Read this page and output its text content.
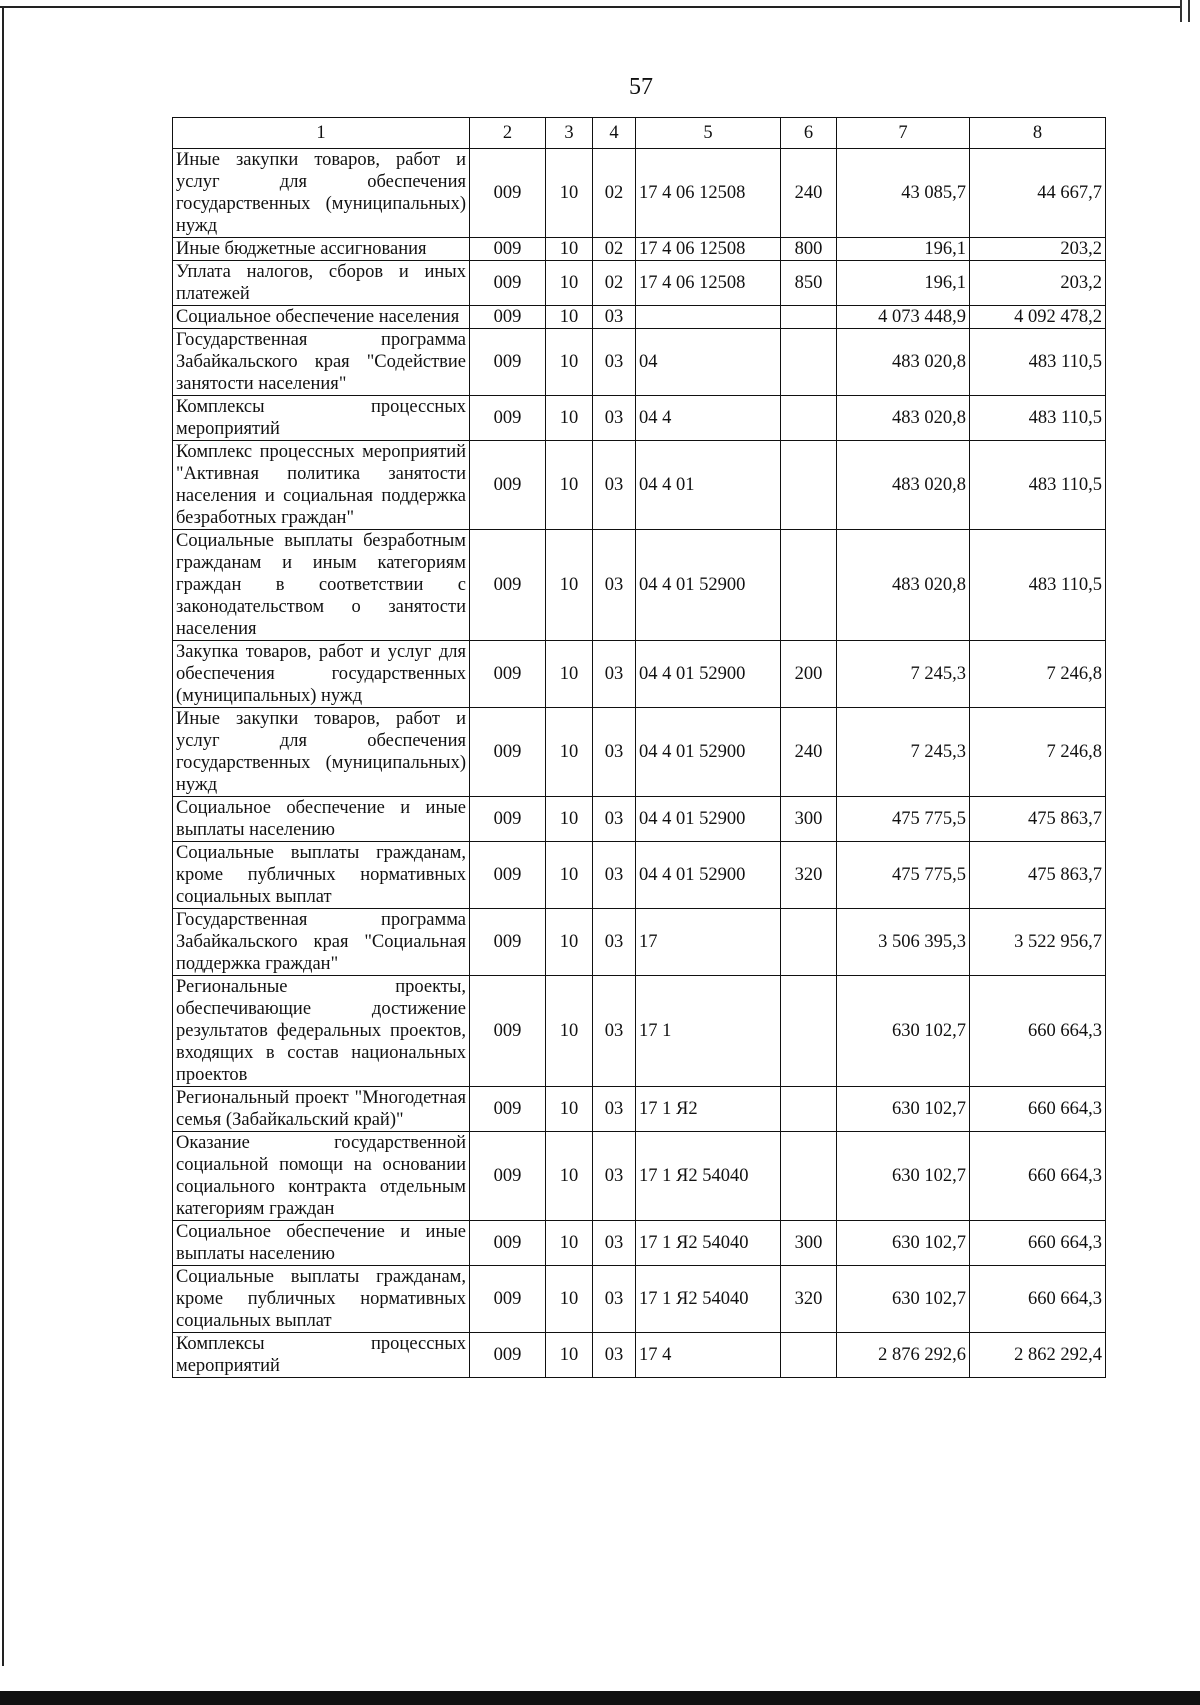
57
1	2	3	4	5	6	7	8
Иные закупки товаров, работ и услуг для обеспечения государственных (муниципальных) нужд	009	10	02	17 4 06 12508	240	43 085,7	44 667,7
Иные бюджетные ассигнования	009	10	02	17 4 06 12508	800	196,1	203,2
Уплата налогов, сборов и иных платежей	009	10	02	17 4 06 12508	850	196,1	203,2
Социальное обеспечение населения	009	10	03			4 073 448,9	4 092 478,2
Государственная программа Забайкальского края "Содействие занятости населения"	009	10	03	04		483 020,8	483 110,5
Комплексы процессных мероприятий	009	10	03	04 4		483 020,8	483 110,5
Комплекс процессных мероприятий "Активная политика занятости населения и социальная поддержка безработных граждан"	009	10	03	04 4 01		483 020,8	483 110,5
Социальные выплаты безработным гражданам и иным категориям граждан в соответствии с законодательством о занятости населения	009	10	03	04 4 01 52900		483 020,8	483 110,5
Закупка товаров, работ и услуг для обеспечения государственных (муниципальных) нужд	009	10	03	04 4 01 52900	200	7 245,3	7 246,8
Иные закупки товаров, работ и услуг для обеспечения государственных (муниципальных) нужд	009	10	03	04 4 01 52900	240	7 245,3	7 246,8
Социальное обеспечение и иные выплаты населению	009	10	03	04 4 01 52900	300	475 775,5	475 863,7
Социальные выплаты гражданам, кроме публичных нормативных социальных выплат	009	10	03	04 4 01 52900	320	475 775,5	475 863,7
Государственная программа Забайкальского края "Социальная поддержка граждан"	009	10	03	17		3 506 395,3	3 522 956,7
Региональные проекты, обеспечивающие достижение результатов федеральных проектов, входящих в состав национальных проектов	009	10	03	17 1		630 102,7	660 664,3
Региональный проект "Многодетная семья (Забайкальский край)"	009	10	03	17 1 Я2		630 102,7	660 664,3
Оказание государственной социальной помощи на основании социального контракта отдельным категориям граждан	009	10	03	17 1 Я2 54040		630 102,7	660 664,3
Социальное обеспечение и иные выплаты населению	009	10	03	17 1 Я2 54040	300	630 102,7	660 664,3
Социальные выплаты гражданам, кроме публичных нормативных социальных выплат	009	10	03	17 1 Я2 54040	320	630 102,7	660 664,3
Комплексы процессных мероприятий	009	10	03	17 4		2 876 292,6	2 862 292,4
